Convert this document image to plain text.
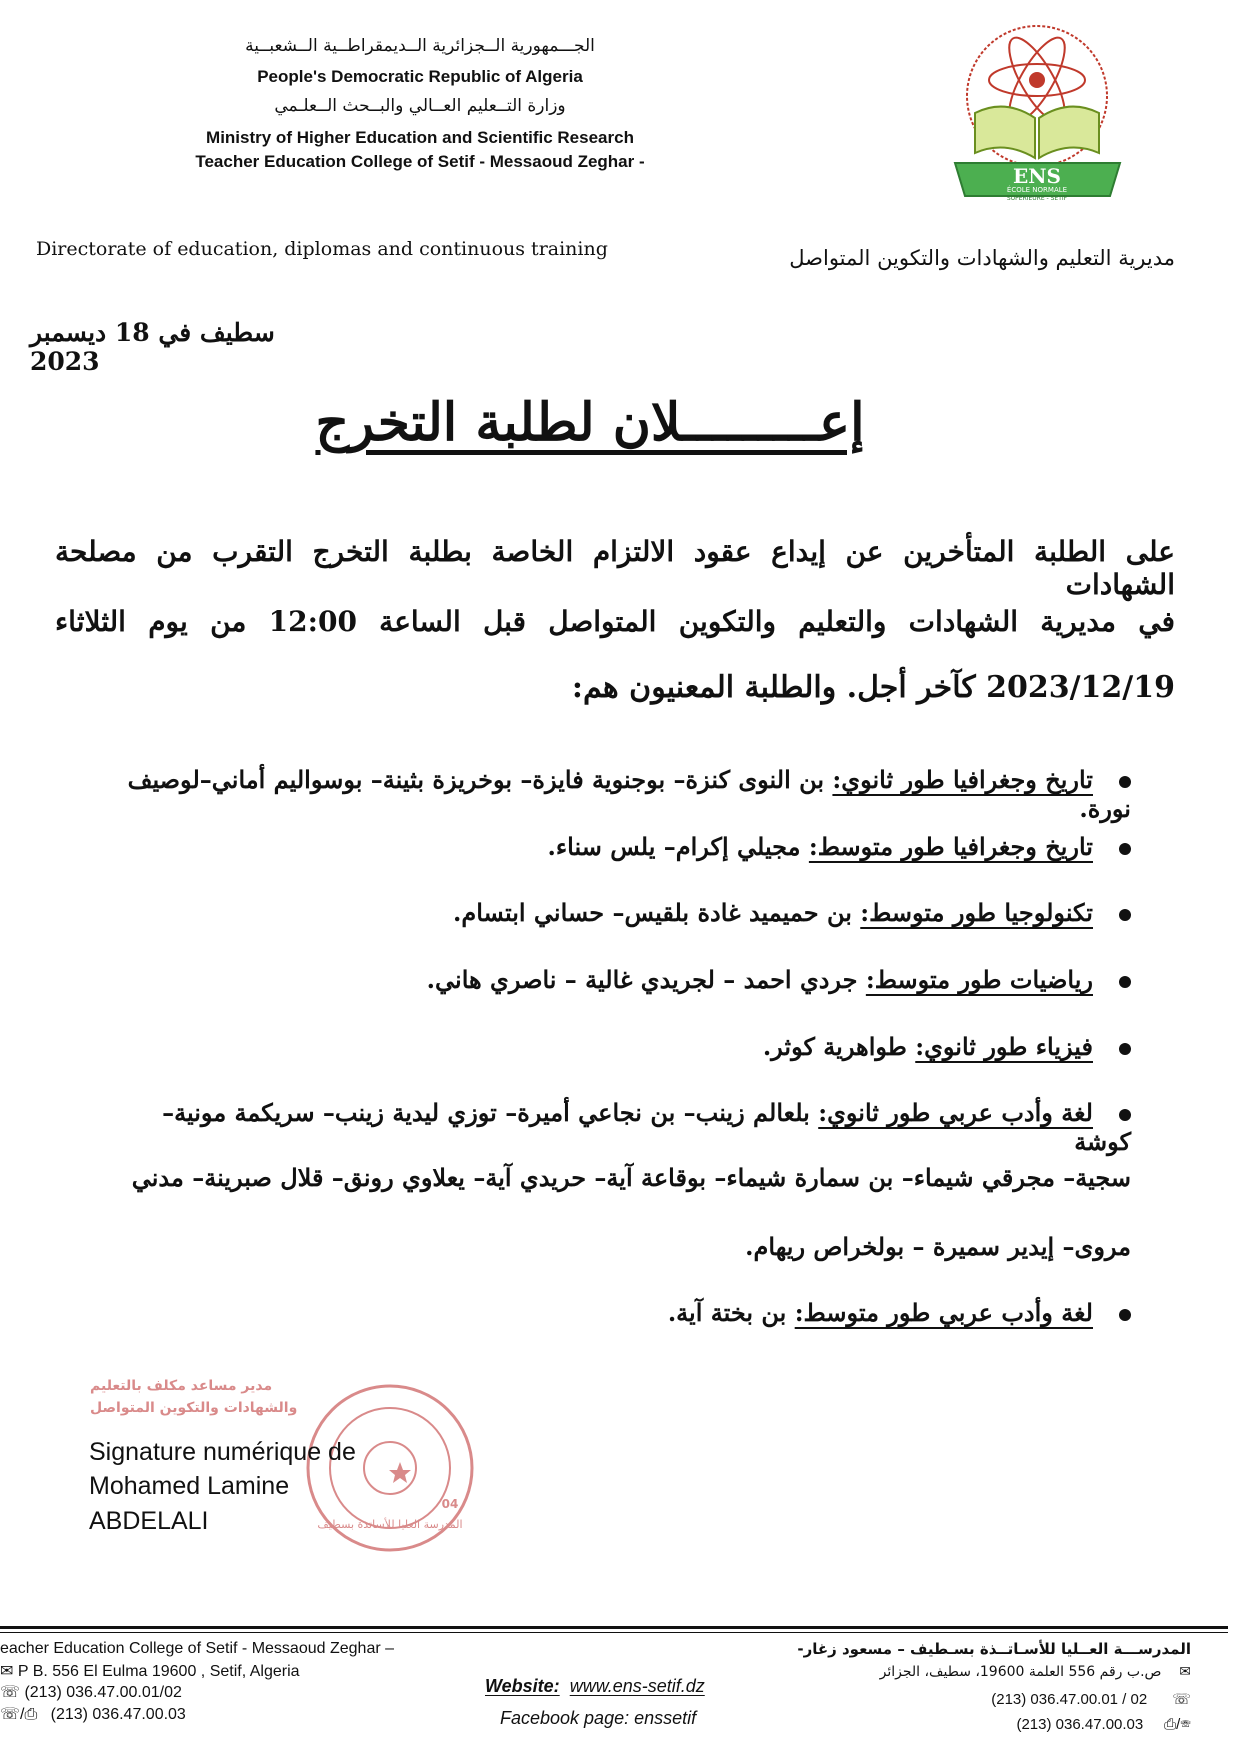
الجـــمهورية الــجزائرية الــديمقراطــية الــشعبــية
People's Democratic Republic of Algeria
وزارة التــعليم العــالي والبــحث الــعلـمي
Ministry of Higher Education and Scientific Research
Teacher Education College of Setif - Messaoud Zeghar -
ENS
ÉCOLE NORMALE
SUPÉRIEURE - SETIF
Directorate of education, diplomas and continuous training	مديرية التعليم والشهادات والتكوين المتواصل
سطيف في 18 ديسمبر 2023
إعـــــــــلان لطلبة التخرج
على الطلبة المتأخرين عن إيداع عقود الالتزام الخاصة بطلبة التخرج التقرب من مصلحة الشهادات
في مديرية الشهادات والتعليم والتكوين المتواصل قبل الساعة 12:00 من يوم الثلاثاء
2023/12/19 كآخر أجل. والطلبة المعنيون هم:
تاريخ وجغرافيا طور ثانوي: بن النوى كنزة– بوجنوية فايزة– بوخريزة بثينة– بوسواليم أماني–لوصيف نورة.
تاريخ وجغرافيا طور متوسط: مجيلي إكرام– يلس سناء.
تكنولوجيا طور متوسط: بن حميميد غادة بلقيس– حساني ابتسام.
رياضيات طور متوسط: جردي احمد – لجريدي غالية – ناصري هاني.
فيزياء طور ثانوي: طواهرية كوثر.
لغة وأدب عربي طور ثانوي: بلعالم زينب– بن نجاعي أميرة– توزي ليدية زينب– سريكمة مونية– كوشة
سجية– مجرقي شيماء– بن سمارة شيماء– بوقاعة آية– حريدي آية– يعلاوي رونق– قلال صبرينة– مدني
مروى– إيدير سميرة – بولخراص ريهام.
لغة وأدب عربي طور متوسط: بن بختة آية.
المدرسة العليا للأساتذة بسطيف
04
مدير مساعد مكلف بالتعليم
والشهادات والتكوين المتواصل
Signature numérique de
Mohamed Lamine
ABDELALI
eacher Education College of Setif - Messaoud Zeghar –
✉ P B. 556 El Eulma 19600 , Setif, Algeria
☏ (213) 036.47.00.01/02
☏/⎙   (213) 036.47.00.03
Website: www.ens-setif.dz
Facebook page: enssetif
المدرســـة العــليا للأسـاتــذة بسـطيف – مسعود زغار-
ص.ب رقم 556 العلمة 19600، سطيف، الجزائر ✉
(213) 036.47.00.01 / 02 ☏
(213) 036.47.00.03 ⎙/☏
